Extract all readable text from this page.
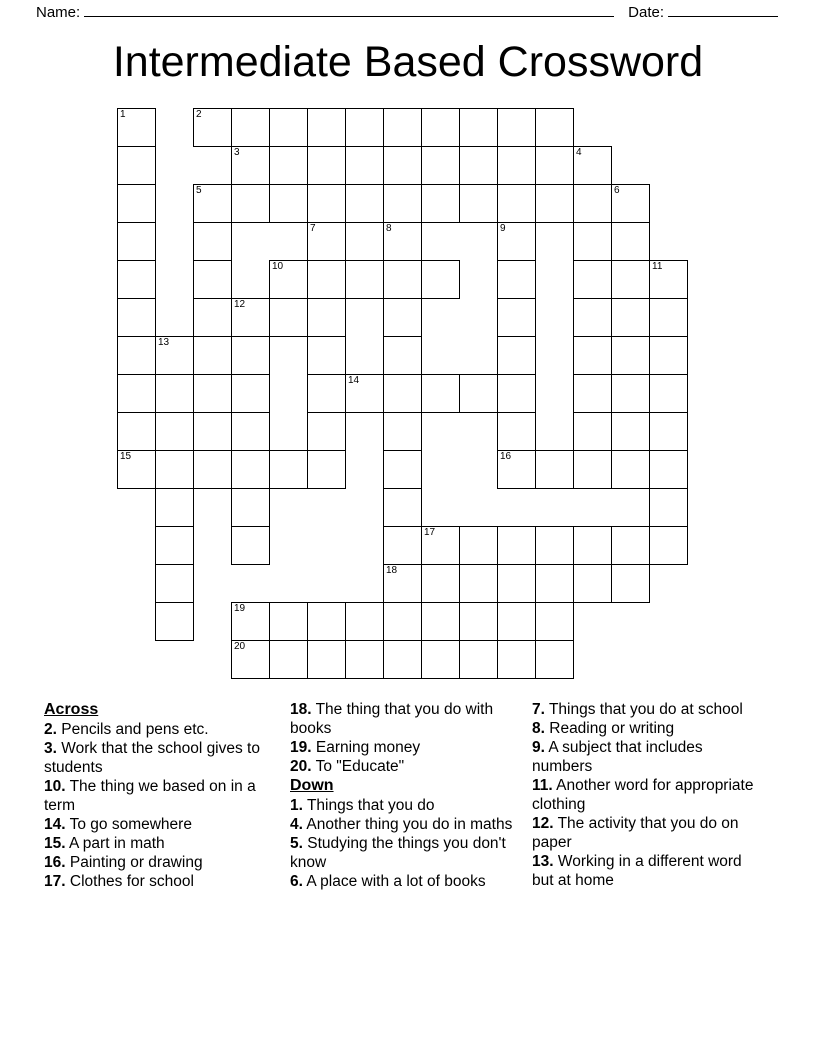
Name:	Date:
Intermediate Based Crossword
1	2
3	4
5	6
7	8	9
10	11
12
13
14
15	16
17
18
19
20
Across
2. Pencils and pens etc.
3. Work that the school gives to students
10. The thing we based on in a term
14. To go somewhere
15. A part in math
16. Painting or drawing
17. Clothes for school
18. The thing that you do with books
19. Earning money
20. To "Educate"
Down
1. Things that you do
4. Another thing you do in maths
5. Studying the things you don't know
6. A place with a lot of books
7. Things that you do at school
8. Reading or writing
9. A subject that includes numbers
11. Another word for appropriate clothing
12. The activity that you do on paper
13. Working in a different word but at home
